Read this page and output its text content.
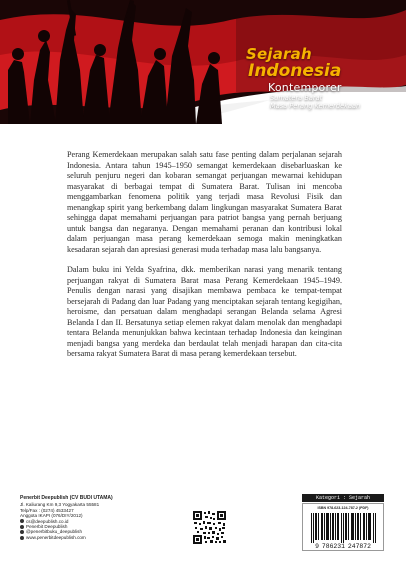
Sejarah
Indonesia
Kontemporer
Sumatera Barat
Masa Perang Kemerdekaan

Perang Kemerdekaan merupakan salah satu fase penting dalam perjalanan sejarah Indonesia. Antara tahun 1945–1950 semangat kemerdekaan disebarluaskan ke seluruh penjuru negeri dan kobaran semangat perjuangan mewarnai kehidupan masyarakat di berbagai tempat di Sumatera Barat. Tulisan ini mencoba menggambarkan fenomena politik yang terjadi masa Revolusi Fisik dan menangkap spirit yang berkembang dalam lingkungan masyarakat Sumatera Barat sehingga dapat memahami perjuangan para patriot bangsa yang pernah berjuang untuk bangsa dan negaranya. Dengan memahami peranan dan kontribusi lokal dalam perjuangan masa perang kemerdekaan semoga makin meningkatkan kesadaran sejarah dan apresiasi generasi muda terhadap masa lalu bangsanya.

Dalam buku ini Yelda Syafrina, dkk. memberikan narasi yang menarik tentang perjuangan rakyat di Sumatera Barat masa Perang Kemerdekaan 1945–1949. Penulis dengan narasi yang disajikan membawa pembaca ke tempat-tempat bersejarah di Padang dan luar Padang yang menciptakan sejarah tentang kegigihan, heroisme, dan persatuan dalam menghadapi serangan Belanda selama Agresi Belanda I dan II. Bersatunya setiap elemen rakyat dalam menolak dan menghadapi tentara Belanda menunjukkan bahwa kecintaan terhadap Indonesia dan keinginan menjadi bangsa yang merdeka dan berdaulat telah menjadi harapan dan cita-cita bersama rakyat Sumatera Barat di masa perang kemerdekaan tersebut.

Penerbit Deepublish (CV BUDI UTAMA)
Jl. Kaliurang Km 9,3 Yogyakarta 55581
Telp/Fax : (0274) 4533427
Anggota IKAPI (076/DIY/2012)
cs@deepublish.co.id
Penerbit Deepublish
@penerbitbuku_deepublish
www.penerbitdeepublish.com
Kategori : Sejarah
ISBN 978-623-124-787-2 (PDF)
9 786231 247872
